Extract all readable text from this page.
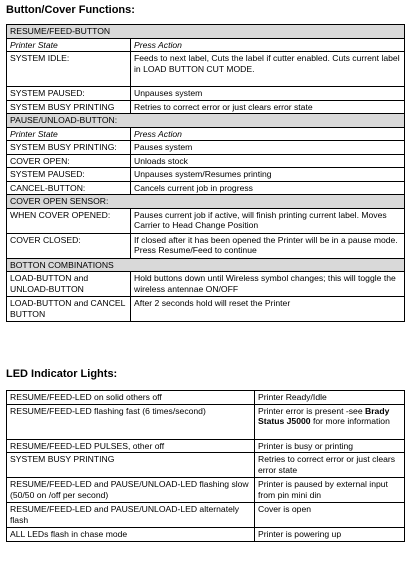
Button/Cover Functions:
RESUME/FEED-BUTTON	
Printer State	Press Action
SYSTEM IDLE:	Feeds to next label, Cuts the label if cutter enabled. Cuts current label in LOAD BUTTON CUT MODE.
SYSTEM PAUSED:	Unpauses system
SYSTEM BUSY PRINTING	Retries to correct error or just clears error state
PAUSE/UNLOAD-BUTTON:	
Printer State	Press Action
SYSTEM BUSY PRINTING:	Pauses system
COVER OPEN:	Unloads stock
SYSTEM PAUSED:	Unpauses system/Resumes printing
CANCEL-BUTTON:	Cancels current job in progress
COVER OPEN SENSOR:	
WHEN COVER OPENED:	Pauses current job if active, will finish printing current label. Moves Carrier to Head Change Position
COVER CLOSED:	If closed after it has been opened the Printer will be in a pause mode. Press Resume/Feed to continue
BOTTON COMBINATIONS	
LOAD-BUTTON and UNLOAD-BUTTON	Hold buttons down until Wireless symbol changes; this will toggle the wireless antennae ON/OFF
LOAD-BUTTON and CANCEL BUTTON	After 2 seconds hold will reset the Printer
LED Indicator Lights:
RESUME/FEED-LED on solid others off	Printer Ready/Idle
RESUME/FEED-LED flashing fast (6 times/second)	Printer error is present -see Brady Status J5000 for more information
RESUME/FEED-LED PULSES, other off	Printer is busy or printing
SYSTEM BUSY PRINTING	Retries to correct error or just clears error state
RESUME/FEED-LED and PAUSE/UNLOAD-LED flashing slow (50/50 on /off per second)	Printer is paused by external input from pin mini din
RESUME/FEED-LED and PAUSE/UNLOAD-LED alternately flash	Cover is open
ALL LEDs flash in chase mode	Printer is powering up
